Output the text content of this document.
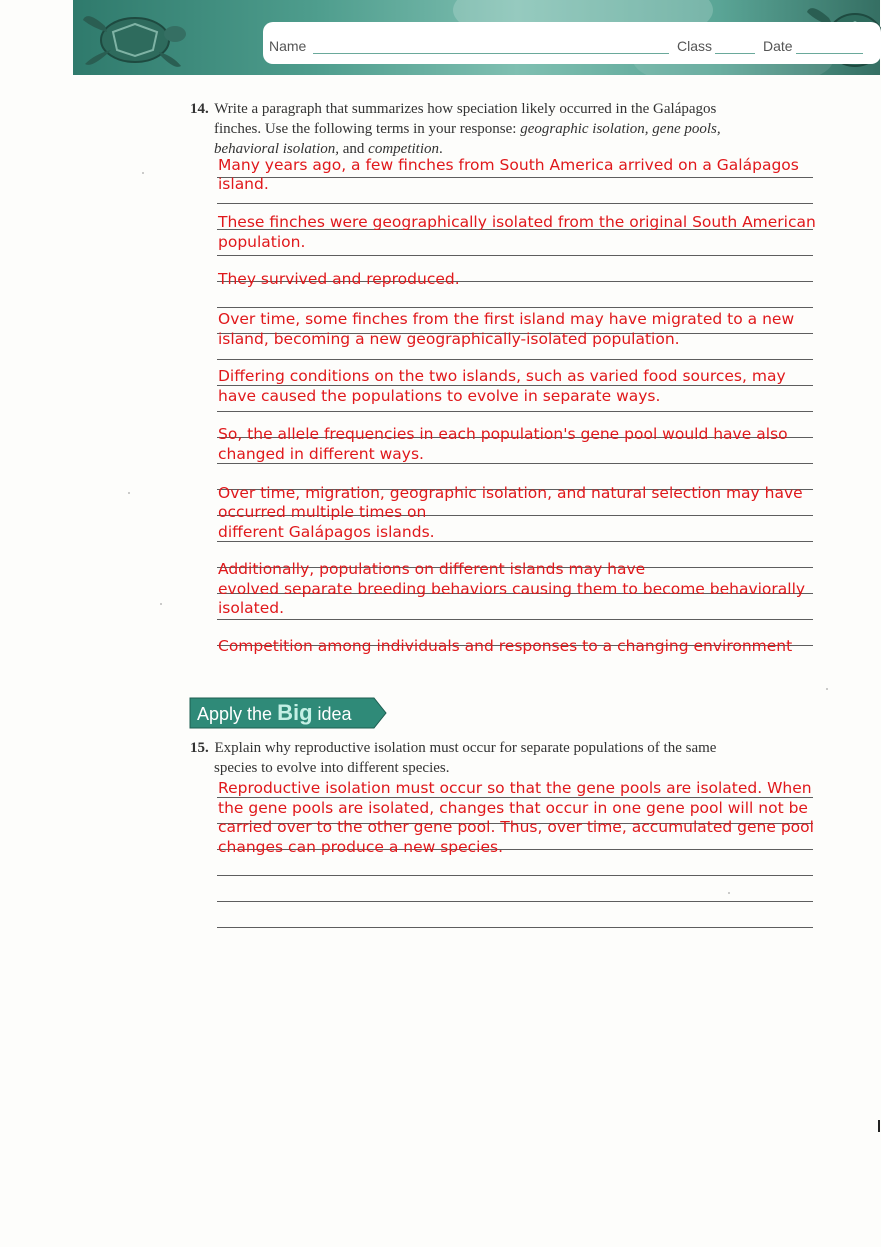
Name	Class	Date
14. Write a paragraph that summarizes how speciation likely occurred in the Galápagos
finches. Use the following terms in your response: geographic isolation, gene pools,
behavioral isolation, and competition.
Many years ago, a few finches from South America arrived on a Galápagos
island.
These finches were geographically isolated from the original South American
population.
They survived and reproduced.
Over time, some finches from the first island may have migrated to a new
island, becoming a new geographically-isolated population.
Differing conditions on the two islands, such as varied food sources, may
have caused the populations to evolve in separate ways.
So, the allele frequencies in each population's gene pool would have also
changed in different ways.
Over time, migration, geographic isolation, and natural selection may have
occurred multiple times on
different Galápagos islands.
Additionally, populations on different islands may have
evolved separate breeding behaviors causing them to become behaviorally
isolated.
Competition among individuals and responses to a changing environment
Apply the Big idea
15. Explain why reproductive isolation must occur for separate populations of the same
species to evolve into different species.
Reproductive isolation must occur so that the gene pools are isolated. When
the gene pools are isolated, changes that occur in one gene pool will not be
carried over to the other gene pool. Thus, over time, accumulated gene pool
changes can produce a new species.
